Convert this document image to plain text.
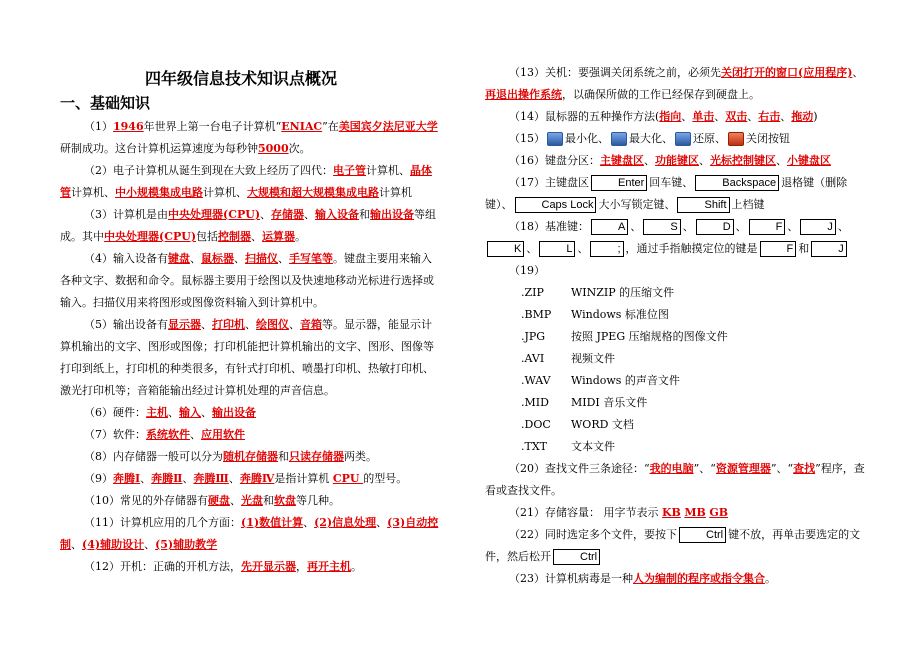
四年级信息技术知识点概况
一、基础知识

（1）1946年世界上第一台电子计算机“ENIAC”在美国宾夕法尼亚大学研制成功。这台计算机运算速度为每秒钟5000次。

（2）电子计算机从诞生到现在大致上经历了四代：电子管计算机、晶体管计算机、中小规模集成电路计算机、大规模和超大规模集成电路计算机

（3）计算机是由中央处理器(CPU)、存储器、输入设备和输出设备等组成。其中中央处理器(CPU)包括控制器、运算器。

（4）输入设备有键盘、鼠标器、扫描仪、手写笔等。键盘主要用来输入各种文字、数据和命令。鼠标器主要用于绘图以及快速地移动光标进行选择或输入。扫描仪用来将图形或图像资料输入到计算机中。

（5）输出设备有显示器、打印机、绘图仪、音箱等。显示器，能显示计算机输出的文字、图形或图像；打印机能把计算机输出的文字、图形、图像等打印到纸上，打印机的种类很多，有针式打印机、喷墨打印机、热敏打印机、激光打印机等；音箱能输出经过计算机处理的声音信息。

（6）硬件：主机、输入、输出设备

（7）软件：系统软件、应用软件

（8）内存储器一般可以分为随机存储器和只读存储器两类。

（9）奔腾Ⅰ、奔腾Ⅱ、奔腾Ⅲ、奔腾Ⅳ是指计算机 CPU 的型号。

（10）常见的外存储器有硬盘、光盘和软盘等几种。

（11）计算机应用的几个方面：(1)数值计算、(2)信息处理、(3)自动控制、(4)辅助设计、(5)辅助教学

（12）开机：正确的开机方法，先开显示器，再开主机。

（13）关机：要强调关闭系统之前，必须先关闭打开的窗口(应用程序)、再退出操作系统，以确保所做的工作已经保存到硬盘上。

（14）鼠标器的五种操作方法(指向、单击、双击、右击、拖动)

（15） 最小化、 最大化、 还原、 关闭按钮

（16）键盘分区：主键盘区、功能键区、光标控制键区、小键盘区

（17）主键盘区	Enter 回车键、	Backspace 退格键（删除键）、	Caps Lock 大小写锁定键、	Shift 上档键

（18）基准键：	A 、	S 、	D 、	F 、	J 、K 、	L 、	; ，通过手指触摸定位的键是	F 和	J

（19）

.ZIP WINZIP 的压缩文件

.BMP Windows 标准位图

.JPG 按照 JPEG 压缩规格的图像文件

.AVI 视频文件

.WAV Windows 的声音文件

.MID MIDI 音乐文件

.DOC WORD 文档

.TXT 文本文件

（20）查找文件三条途径：“我的电脑”、“资源管理器”、“查找”程序，查看或查找文件。

（21）存储容量： 用字节表示 KB MB GB

（22）同时选定多个文件，要按下	Ctrl 键不放，再单击要选定的文件，然后松开	Ctrl

（23）计算机病毒是一种人为编制的程序或指令集合。
